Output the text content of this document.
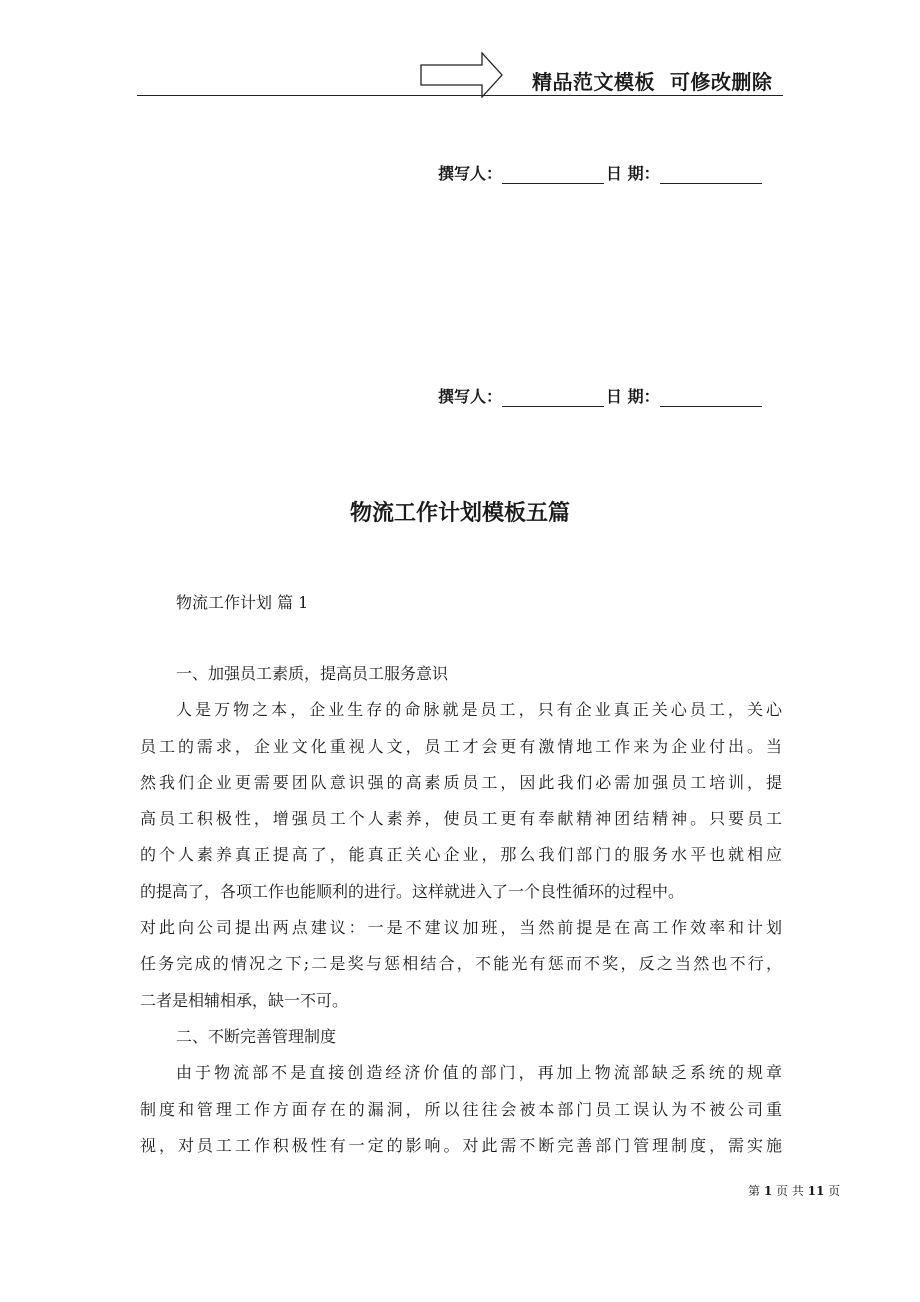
精品范文模板  可修改删除
撰写人：	日 期：
撰写人：	日 期：
物流工作计划模板五篇
物流工作计划 篇 1
一、加强员工素质，提高员工服务意识
人是万物之本，企业生存的命脉就是员工，只有企业真正关心员工，关心
员工的需求，企业文化重视人文，员工才会更有激情地工作来为企业付出。当
然我们企业更需要团队意识强的高素质员工，因此我们必需加强员工培训，提
高员工积极性，增强员工个人素养，使员工更有奉献精神团结精神。只要员工
的个人素养真正提高了，能真正关心企业，那么我们部门的服务水平也就相应
的提高了，各项工作也能顺利的进行。这样就进入了一个良性循环的过程中。
对此向公司提出两点建议：一是不建议加班，当然前提是在高工作效率和计划
任务完成的情况之下;二是奖与惩相结合，不能光有惩而不奖，反之当然也不行，
二者是相辅相承，缺一不可。
二、不断完善管理制度
由于物流部不是直接创造经济价值的部门，再加上物流部缺乏系统的规章
制度和管理工作方面存在的漏洞，所以往往会被本部门员工误认为不被公司重
视，对员工工作积极性有一定的影响。对此需不断完善部门管理制度，需实施
第 1 页 共 11 页
